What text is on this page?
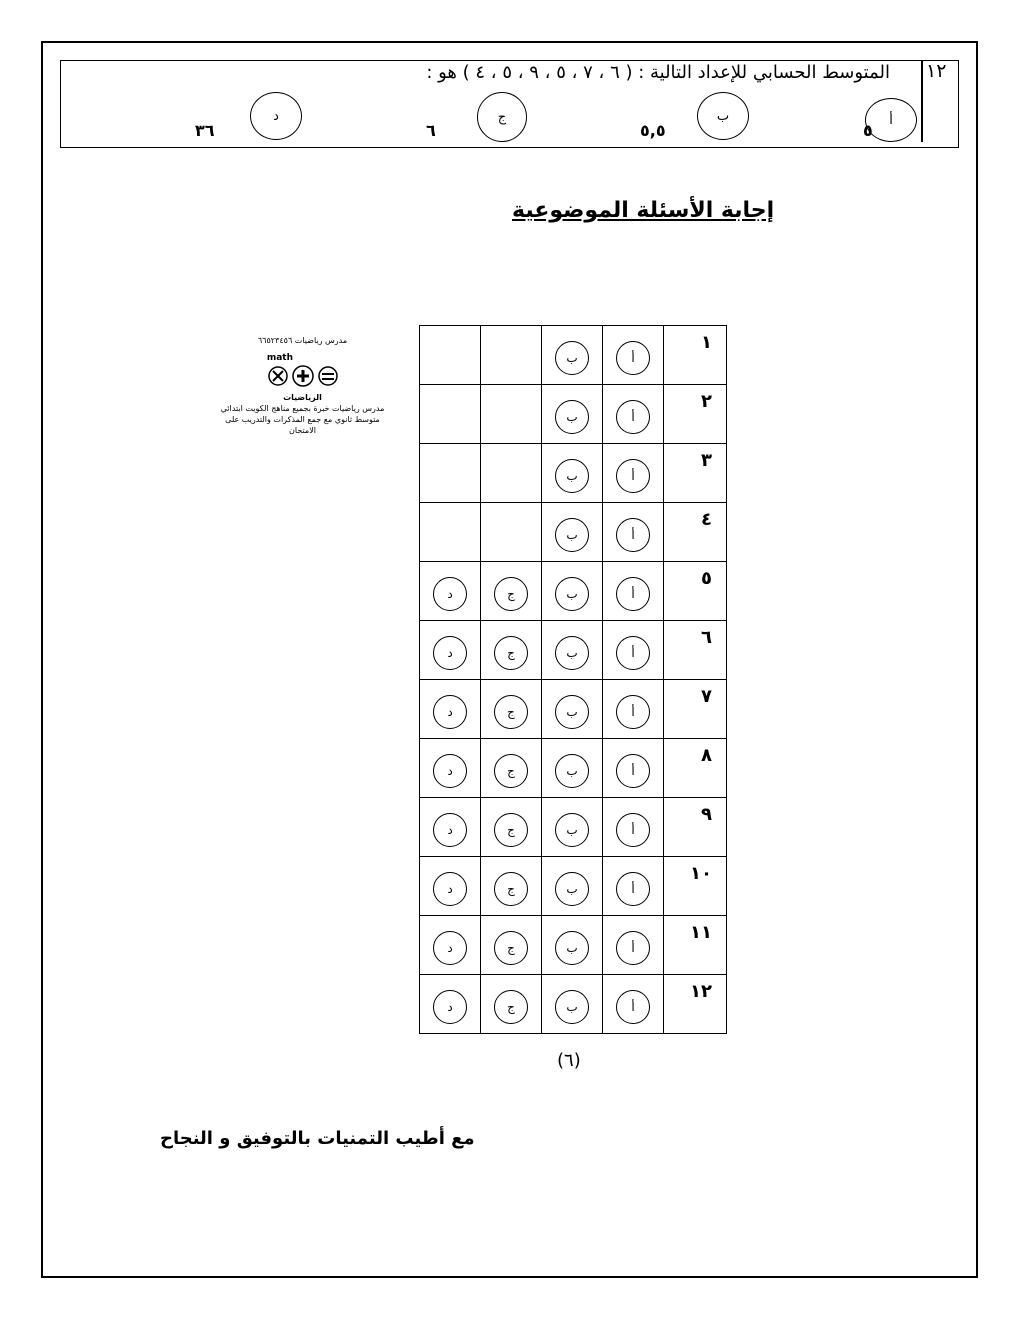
١٢
المتوسط الحسابي للإعداد التالية : ( ٦ ، ٧ ، ٥ ، ٩ ، ٥ ، ٤ ) هو :
أ
٥
ب
٥,٥
ج
٦
د
٣٦
إجابة الأسئلة الموضوعية
مدرس رياضيات ٦٦٥٢٣٤٥٦
math
الرياضيات
مدرس رياضيات خبرة بجميع مناهج الكويت ابتدائي
متوسط ثانوي مع جمع المذكرات والتدريب على
الامتحان

ب	أ	١

ب	أ	٢

ب	أ	٣

ب	أ	٤

د	ج	ب	أ	٥

د	ج	ب	أ	٦

د	ج	ب	أ	٧

د	ج	ب	أ	٨

د	ج	ب	أ	٩

د	ج	ب	أ	١٠

د	ج	ب	أ	١١

د	ج	ب	أ	١٢
(٦)
مع أطيب التمنيات بالتوفيق و النجاح
